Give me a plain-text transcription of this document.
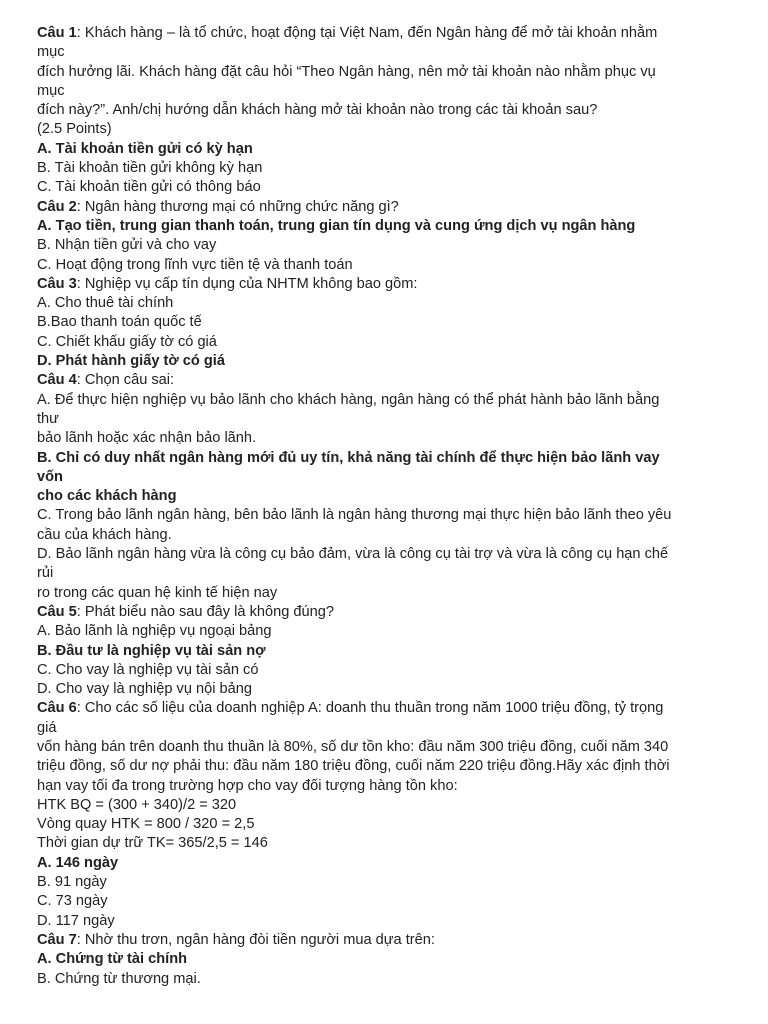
Câu 1: Khách hàng – là tổ chức, hoạt động tại Việt Nam, đến Ngân hàng để mở tài khoản nhằm
mục
đích hưởng lãi. Khách hàng đặt câu hỏi “Theo Ngân hàng, nên mở tài khoản nào nhằm phục vụ
mục
đích này?”. Anh/chị hướng dẫn khách hàng mở tài khoản nào trong các tài khoản sau?
(2.5 Points)
A. Tài khoản tiền gửi có kỳ hạn
B. Tài khoản tiền gửi không kỳ hạn
C. Tài khoản tiền gửi có thông báo
Câu 2: Ngân hàng thương mại có những chức năng gì?
A. Tạo tiền, trung gian thanh toán, trung gian tín dụng và cung ứng dịch vụ ngân hàng
B. Nhận tiền gửi và cho vay
C. Hoạt động trong lĩnh vực tiền tệ và thanh toán
Câu 3: Nghiệp vụ cấp tín dụng của NHTM không bao gồm:
A. Cho thuê tài chính
B.Bao thanh toán quốc tế
C. Chiết khấu giấy tờ có giá
D. Phát hành giấy tờ có giá
Câu 4: Chọn câu sai:
A. Để thực hiện nghiệp vụ bảo lãnh cho khách hàng, ngân hàng có thể phát hành bảo lãnh bằng
thư
bảo lãnh hoặc xác nhận bảo lãnh.
B. Chỉ có duy nhất ngân hàng mới đủ uy tín, khả năng tài chính để thực hiện bảo lãnh vay
vốn
cho các khách hàng
C. Trong bảo lãnh ngân hàng, bên bảo lãnh là ngân hàng thương mại thực hiện bảo lãnh theo yêu
cầu của khách hàng.
D. Bảo lãnh ngân hàng vừa là công cụ bảo đảm, vừa là công cụ tài trợ và vừa là công cụ hạn chế
rủi
ro trong các quan hệ kinh tế hiện nay
Câu 5: Phát biểu nào sau đây là không đúng?
A. Bảo lãnh là nghiệp vụ ngoại bảng
B. Đầu tư là nghiệp vụ tài sản nợ
C. Cho vay là nghiệp vụ tài sản có
D. Cho vay là nghiệp vụ nội bảng
Câu 6: Cho các số liệu của doanh nghiệp A: doanh thu thuần trong năm 1000 triệu đồng, tỷ trọng
giá
vốn hàng bán trên doanh thu thuần là 80%, số dư tồn kho: đầu năm 300 triệu đồng, cuối năm 340
triệu đồng, số dư nợ phải thu: đầu năm 180 triệu đồng, cuối năm 220 triệu đồng.Hãy xác định thời
hạn vay tối đa trong trường hợp cho vay đối tượng hàng tồn kho:
HTK BQ = (300 + 340)/2 = 320
Vòng quay HTK = 800 / 320 = 2,5
Thời gian dự trữ TK= 365/2,5 = 146
A. 146 ngày
B. 91 ngày
C. 73 ngày
D. 117 ngày
Câu 7: Nhờ thu trơn, ngân hàng đòi tiền người mua dựa trên:
A. Chứng từ tài chính
B. Chứng từ thương mại.
